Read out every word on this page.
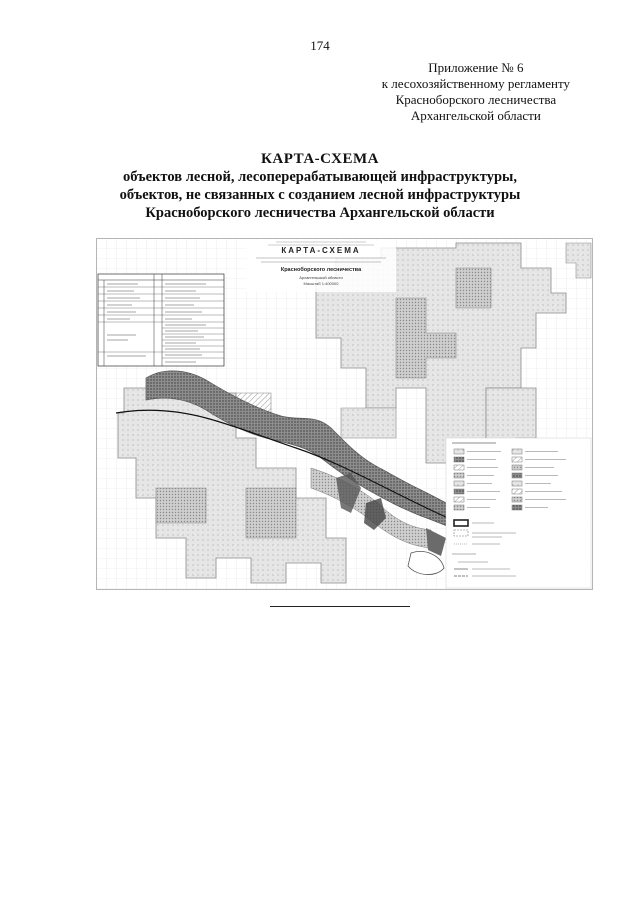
174
Приложение № 6
к лесохозяйственному регламенту
Красноборского лесничества
Архангельской области
КАРТА-СХЕМА
объектов лесной, лесоперерабатывающей инфраструктуры,
объектов, не связанных с созданием лесной инфраструктуры
Красноборского лесничества Архангельской области
КАРТА-СХЕМА
Красноборского лесничества
Архангельской области
Масштаб 1:400000
